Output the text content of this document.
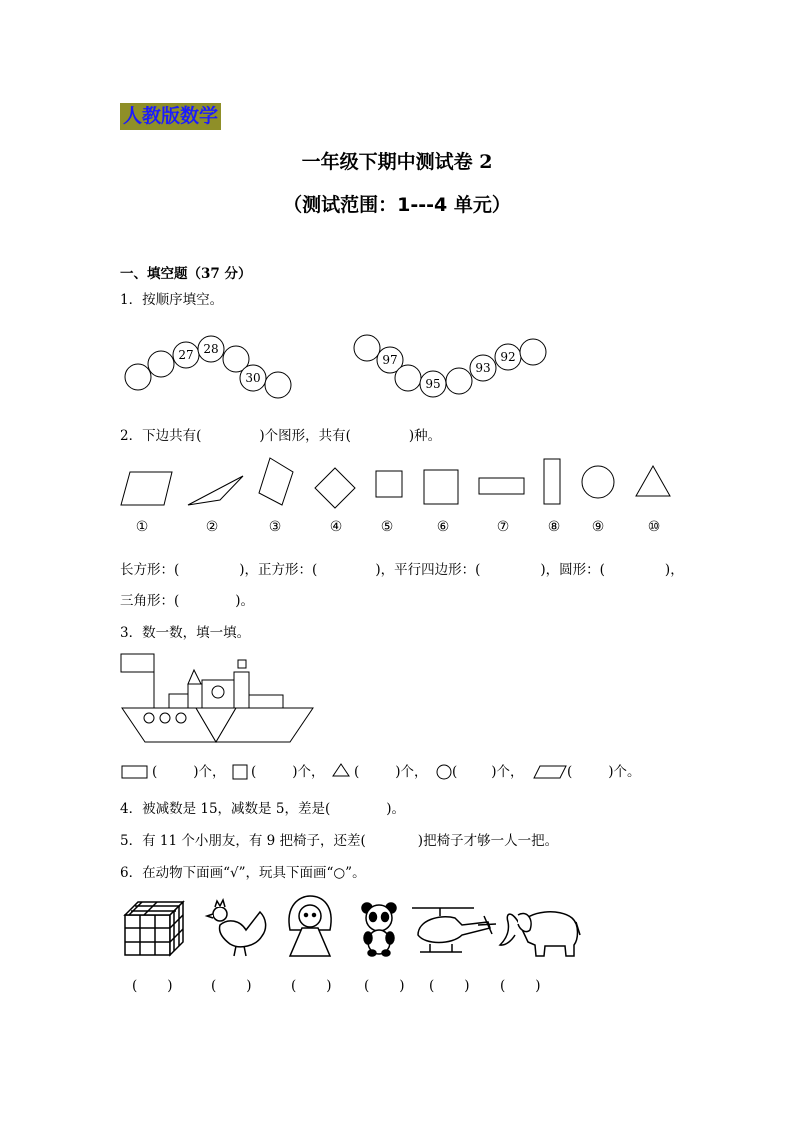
人教版数学
一年级下期中测试卷 2
（测试范围：1---4 单元）
一、填空题（37 分）
1．按顺序填空。
27 28
30
97
95
93
92
①	②	③	④	⑤	⑥	⑦	⑧ ⑨	⑩
2．下边共有(	)个图形，共有(	)种。
长方形：(	)，正方形：(	)，平行四边形：(	)，圆形：(	)，
三角形：(	)。
3．数一数，填一填。
(	)个， (	)个， (	)个， (	)个，	(	)个。
4．被减数是 15，减数是 5，差是(	)。
5．有 11 个小朋友，有 9 把椅子，还差(	)把椅子才够一人一把。
6．在动物下面画“√”，玩具下面画“○”。
( )	( )	( ) ( ) ( ) ( )
